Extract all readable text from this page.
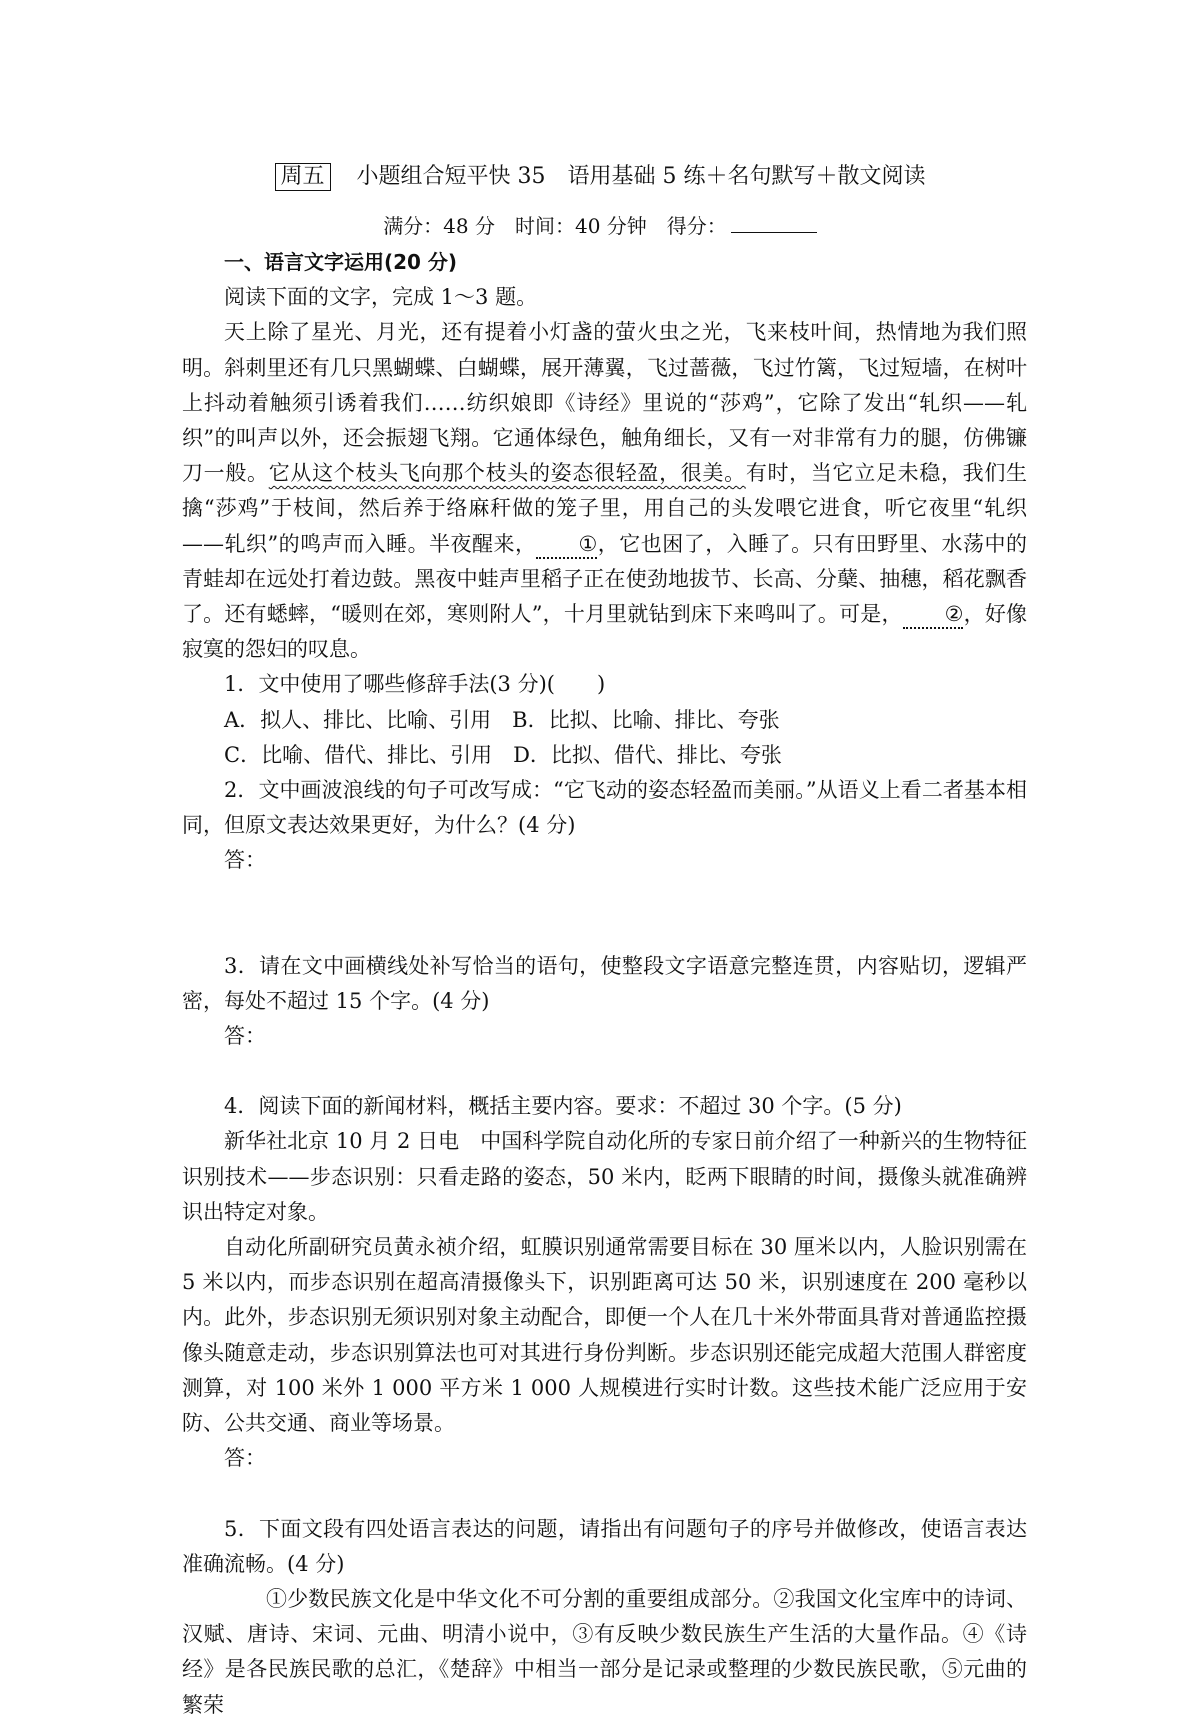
周五 小题组合短平快 35　语用基础 5 练＋名句默写＋散文阅读
满分：48 分　时间：40 分钟　得分：

一、语言文字运用(20 分)

阅读下面的文字，完成 1～3 题。

天上除了星光、月光，还有提着小灯盏的萤火虫之光，飞来枝叶间，热情地为我们照明。斜刺里还有几只黑蝴蝶、白蝴蝶，展开薄翼，飞过蔷薇，飞过竹篱，飞过短墙，在树叶上抖动着触须引诱着我们……纺织娘即《诗经》里说的“莎鸡”，它除了发出“轧织——轧织”的叫声以外，还会振翅飞翔。它通体绿色，触角细长，又有一对非常有力的腿，仿佛镰刀一般。它从这个枝头飞向那个枝头的姿态很轻盈，很美。有时，当它立足未稳，我们生擒“莎鸡”于枝间，然后养于络麻秆做的笼子里，用自己的头发喂它进食，听它夜里“轧织——轧织”的鸣声而入睡。半夜醒来， ①，它也困了，入睡了。只有田野里、水荡中的青蛙却在远处打着边鼓。黑夜中蛙声里稻子正在使劲地拔节、长高、分蘖、抽穗，稻花飘香了。还有蟋蟀，“暖则在郊，寒则附人”，十月里就钻到床下来鸣叫了。可是， ②，好像寂寞的怨妇的叹息。

1．文中使用了哪些修辞手法(3 分)(　　)

A．拟人、排比、比喻、引用　B．比拟、比喻、排比、夸张

C．比喻、借代、排比、引用　D．比拟、借代、排比、夸张

2．文中画波浪线的句子可改写成：“它飞动的姿态轻盈而美丽。”从语义上看二者基本相同，但原文表达效果更好，为什么？(4 分)

答：

3．请在文中画横线处补写恰当的语句，使整段文字语意完整连贯，内容贴切，逻辑严密，每处不超过 15 个字。(4 分)

答：

4．阅读下面的新闻材料，概括主要内容。要求：不超过 30 个字。(5 分)

新华社北京 10 月 2 日电　中国科学院自动化所的专家日前介绍了一种新兴的生物特征识别技术——步态识别：只看走路的姿态，50 米内，眨两下眼睛的时间，摄像头就准确辨识出特定对象。

自动化所副研究员黄永祯介绍，虹膜识别通常需要目标在 30 厘米以内，人脸识别需在 5 米以内，而步态识别在超高清摄像头下，识别距离可达 50 米，识别速度在 200 毫秒以内。此外，步态识别无须识别对象主动配合，即便一个人在几十米外带面具背对普通监控摄像头随意走动，步态识别算法也可对其进行身份判断。步态识别还能完成超大范围人群密度测算，对 100 米外 1 000 平方米 1 000 人规模进行实时计数。这些技术能广泛应用于安防、公共交通、商业等场景。

答：

5．下面文段有四处语言表达的问题，请指出有问题句子的序号并做修改，使语言表达准确流畅。(4 分)

①少数民族文化是中华文化不可分割的重要组成部分。②我国文化宝库中的诗词、汉赋、唐诗、宋词、元曲、明清小说中，③有反映少数民族生产生活的大量作品。④《诗经》是各民族民歌的总汇，《楚辞》中相当一部分是记录或整理的少数民族民歌，⑤元曲的繁荣
